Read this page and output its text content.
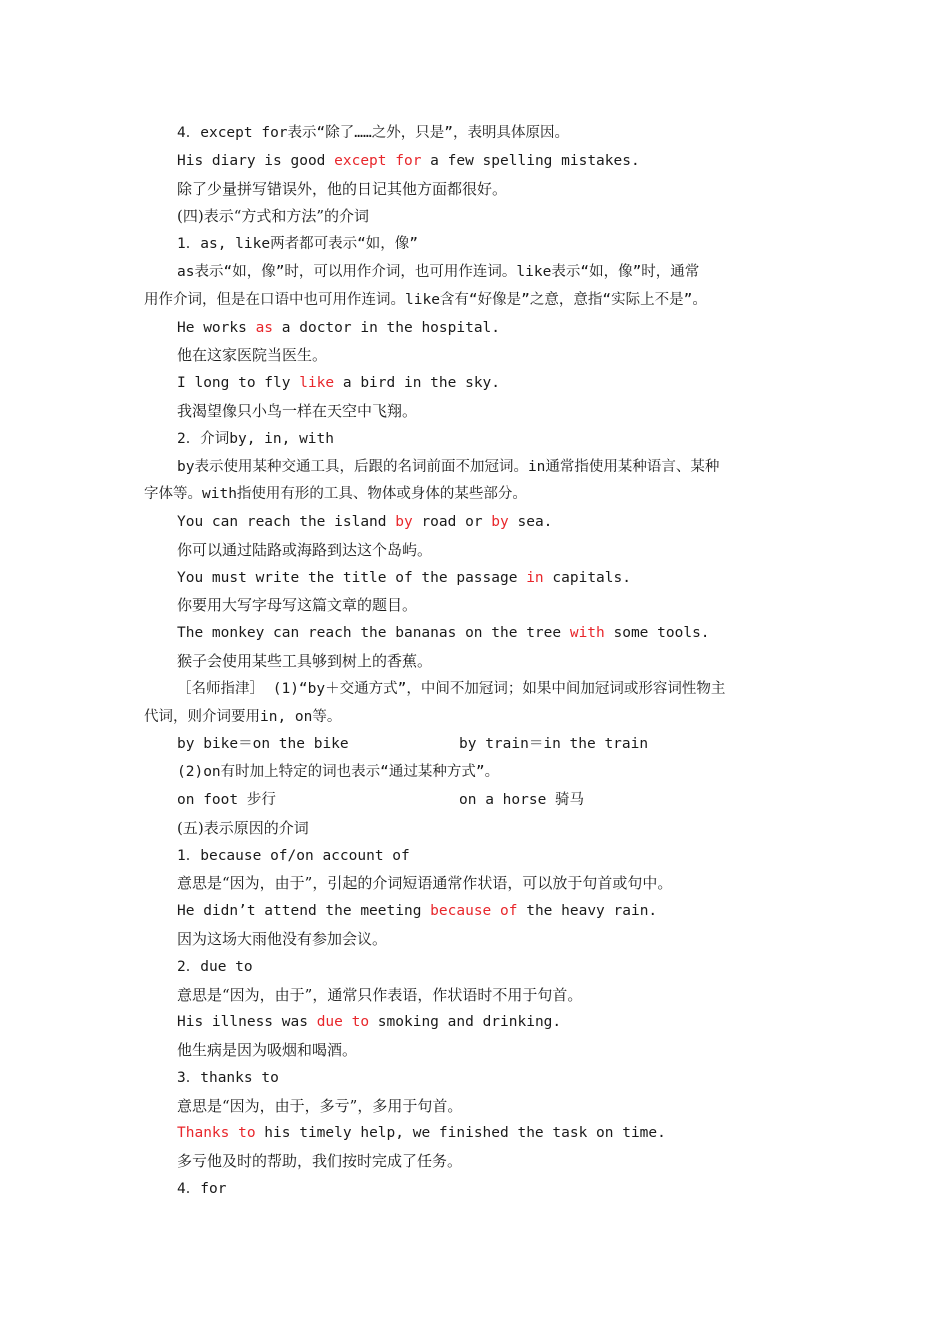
4．except for表示“除了……之外，只是”，表明具体原因。
His diary is good except for a few spelling mistakes.
除了少量拼写错误外，他的日记其他方面都很好。
(四)表示“方式和方法”的介词
1．as, like两者都可表示“如，像”
as表示“如，像”时，可以用作介词，也可用作连词。like表示“如，像”时，通常
用作介词，但是在口语中也可用作连词。like含有“好像是”之意，意指“实际上不是”。
He works as a doctor in the hospital.
他在这家医院当医生。
I long to fly like a bird in the sky.
我渴望像只小鸟一样在天空中飞翔。
2．介词by, in, with
by表示使用某种交通工具，后跟的名词前面不加冠词。in通常指使用某种语言、某种
字体等。with指使用有形的工具、物体或身体的某些部分。
You can reach the island by road or by sea.
你可以通过陆路或海路到达这个岛屿。
You must write the title of the passage in capitals.
你要用大写字母写这篇文章的题目。
The monkey can reach the bananas on the tree with some tools.
猴子会使用某些工具够到树上的香蕉。
［名师指津］ (1)“by＋交通方式”，中间不加冠词；如果中间加冠词或形容词性物主
代词，则介词要用in, on等。
by bike＝on the bike	by train＝in the train
(2)on有时加上特定的词也表示“通过某种方式”。
on foot 步行	on a horse 骑马
(五)表示原因的介词
1．because of/on account of
意思是“因为，由于”，引起的介词短语通常作状语，可以放于句首或句中。
He didn’t attend the meeting because of the heavy rain.
因为这场大雨他没有参加会议。
2．due to
意思是“因为，由于”，通常只作表语，作状语时不用于句首。
His illness was due to smoking and drinking.
他生病是因为吸烟和喝酒。
3．thanks to
意思是“因为，由于，多亏”，多用于句首。
Thanks to his timely help, we finished the task on time.
多亏他及时的帮助，我们按时完成了任务。
4．for
